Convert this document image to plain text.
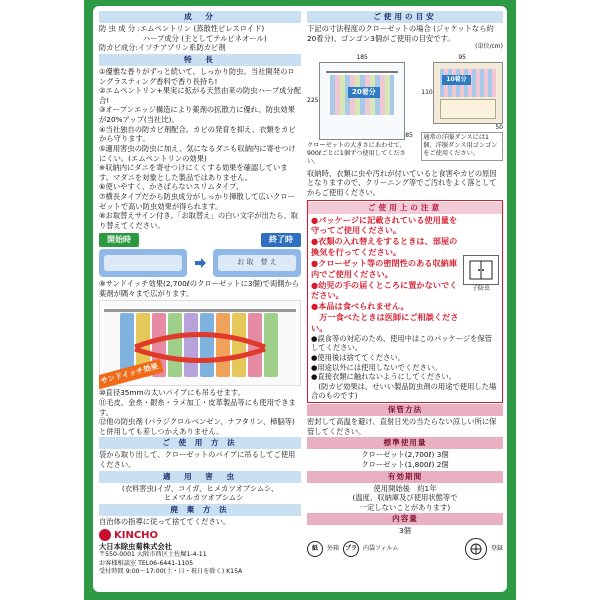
成　分

防 虫 成 分 :エムペントリン (蒸散性ピレスロイド)

　　　　　　ハーブ成分 (主としてテルピネオール)

防カビ成分:イソチアゾリン系防カビ剤

特　長

①優雅な香りがずっと続いて、しっかり防虫。当社開発のロングラスティング香料で香り長持ち!

②エムペントリン+果実に拡がる天然由来の防虫ハーブ成分配合!

③オープンエッジ構造により薬剤の拡散力に優れ、防虫効果が20%アップ(当社比)。

④当社独自の防カビ剤配合。カビの発育を抑え、衣類をカビから守ります。

⑤適用害虫の防虫に加え、気になるダニも収納内に寄せつけにくい。(エムペントリンの効果)

※収納内にダニを寄せつけにくくする効果を確認しています。マダニを対象とした製品ではありません。

⑥使いやすく、かさばらないスリムタイプ。

⑦横長タイプだから防虫成分がしっかり揮散して広いクローゼットで高い防虫効果が得られます。

⑧お取替えサイン付き。「お取替え」の白い文字が出たら、取り替えてください。

開始時	終了時
お 取　替 え

⑨サンドイッチ効果(2,700ℓのクローゼットに3個)で両側から薬剤が隅々まで広がります。

サンドイッチ効果

⑩直径35mmの太いパイプにも吊るせます。

⑪毛皮、金糸・銀糸・ラメ加工・皮革製品等にも使用できます。

⑫他の防虫剤 (パラジクロルベンゼン、ナフタリン、樟脳等)と併用しても差しつかえありません。

ご 使 用 方 法

袋から取り出して、クローゼットのパイプに吊るしてご使用ください。

適　用　害　虫

(衣料害虫)イガ、コイガ、ヒメカツオブシムシ、

　ヒメマルカツオブシムシ

廃 棄 方 法

自治体の指導に従って捨ててください。

KINCHO

大日本除虫菊株式会社

〒550-0001 大阪市西区土佐堀1-4-11

お客様相談室 TEL06-6441-1105

受付時間 9:00〜17:00(土・日・祝日を除く) K15A

ご使用の目安

下記の寸法程度のクローゼットの場合 (ジャケットなら約20着分)、ゴンゴン3個がご使用の目安です。

(単位/cm)

185
225
20着分
85

クローゼットの大きさにあわせて、900ℓごとに1個ずつ使用してください。

95
110
10着分
50

通常の洋服ダンスには1個、洋服ダンス用ゴンゴンをご使用ください。

収納時、衣類に虫や汚れが付いていると食害やカビの原因となりますので、クリーニング等でご汚れをよく落としてからご使用ください。

ご使用上の注意

●パッケージに記載されている使用量を守ってご使用ください。

●衣類の入れ替えをするときは、部屋の換気を行ってください。

●クローゼット等の密閉性のある収納庫内でご使用ください。

●幼児の手の届くところに置かないでください。

●本品は食べられません。

　万一食べたときは医師にご相談ください。

子防虫

●誤食等の対応のため、使用中はこのパッケージを保管してください。

●使用後は捨ててください。

●用途以外には使用しないでください。

●直接衣類に触れないようにしてください。

　(防カビ効果は、せいい製品防虫剤の用途で使用した場合のものです)

保管方法

密封して高温を避け、直射日光の当たらない涼しい所に保管してください。

標準使用量

クローゼット(2,700ℓ) 3個

クローゼット(1,800ℓ) 2個

有効期間

使用開始後　約1年

(温度、収納庫及び使用状態等で

一定しないことがあります)

内容量

3個

紙	外箱 プラ	内袋フィルム	登録
